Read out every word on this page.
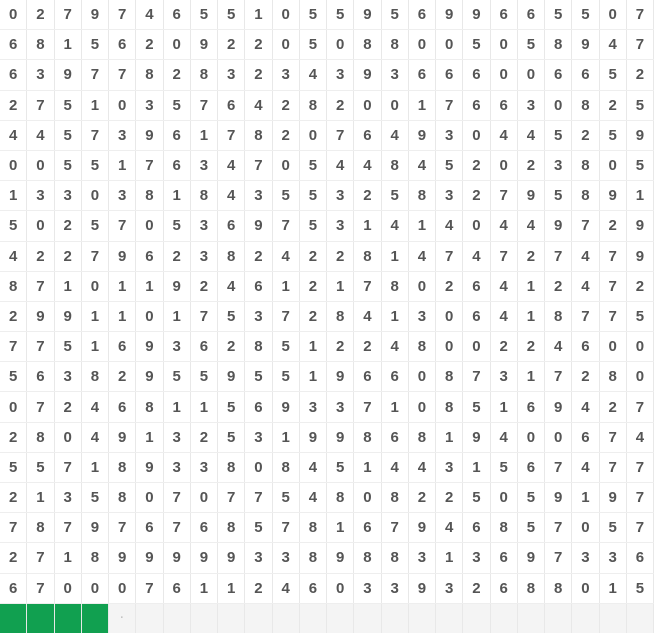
0	2	7	9	7	4	6	5	5	1	0	5	5	9	5	6	9	9	6	6	5	5	0	7
6	8	1	5	6	2	0	9	2	2	0	5	0	8	8	0	0	5	0	5	8	9	4	7
6	3	9	7	7	8	2	8	3	2	3	4	3	9	3	6	6	6	0	0	6	6	5	2
2	7	5	1	0	3	5	7	6	4	2	8	2	0	0	1	7	6	6	3	0	8	2	5
4	4	5	7	3	9	6	1	7	8	2	0	7	6	4	9	3	0	4	4	5	2	5	9
0	0	5	5	1	7	6	3	4	7	0	5	4	4	8	4	5	2	0	2	3	8	0	5
1	3	3	0	3	8	1	8	4	3	5	5	3	2	5	8	3	2	7	9	5	8	9	1
5	0	2	5	7	0	5	3	6	9	7	5	3	1	4	1	4	0	4	4	9	7	2	9
4	2	2	7	9	6	2	3	8	2	4	2	2	8	1	4	7	4	7	2	7	4	7	9
8	7	1	0	1	1	9	2	4	6	1	2	1	7	8	0	2	6	4	1	2	4	7	2
2	9	9	1	1	0	1	7	5	3	7	2	8	4	1	3	0	6	4	1	8	7	7	5
7	7	5	1	6	9	3	6	2	8	5	1	2	2	4	8	0	0	2	2	4	6	0	0
5	6	3	8	2	9	5	5	9	5	5	1	9	6	6	0	8	7	3	1	7	2	8	0
0	7	2	4	6	8	1	1	5	6	9	3	3	7	1	0	8	5	1	6	9	4	2	7
2	8	0	4	9	1	3	2	5	3	1	9	9	8	6	8	1	9	4	0	0	6	7	4
5	5	7	1	8	9	3	3	8	0	8	4	5	1	4	4	3	1	5	6	7	4	7	7
2	1	3	5	8	0	7	0	7	7	5	4	8	0	8	2	2	5	0	5	9	1	9	7
7	8	7	9	7	6	7	6	8	5	7	8	1	6	7	9	4	6	8	5	7	0	5	7
2	7	1	8	9	9	9	9	9	3	3	8	9	8	8	3	1	3	6	9	7	3	3	6
6	7	0	0	0	7	6	1	1	2	4	6	0	3	3	9	3	2	6	8	8	0	1	5
				·																			
